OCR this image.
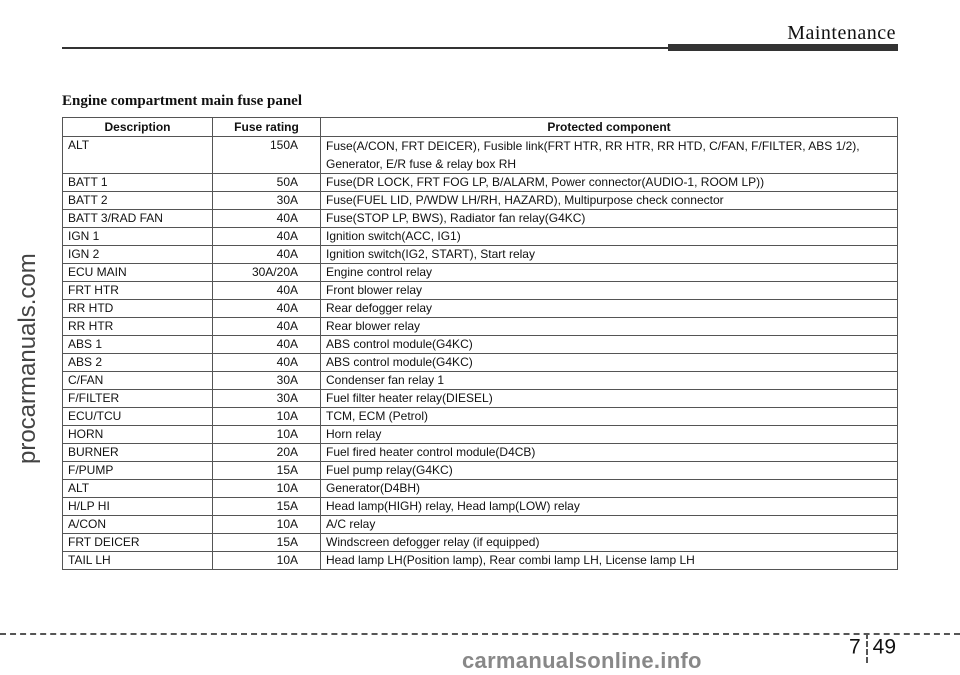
Maintenance
procarmanuals.com
Engine compartment main fuse panel
Description	Fuse rating	Protected component
ALT	150A	Fuse(A/CON, FRT DEICER), Fusible link(FRT HTR, RR HTR, RR HTD, C/FAN, F/FILTER, ABS 1/2),
Generator, E/R fuse & relay box RH

BATT 1	50A	Fuse(DR LOCK, FRT FOG LP, B/ALARM, Power connector(AUDIO-1, ROOM LP))

BATT 2	30A	Fuse(FUEL LID, P/WDW LH/RH, HAZARD), Multipurpose check connector

BATT 3/RAD FAN	40A	Fuse(STOP LP, BWS), Radiator fan relay(G4KC)

IGN 1	40A	Ignition switch(ACC, IG1)

IGN 2	40A	Ignition switch(IG2, START), Start relay

ECU MAIN	30A/20A	Engine control relay

FRT HTR	40A	Front blower relay

RR HTD	40A	Rear defogger relay

RR HTR	40A	Rear blower relay

ABS 1	40A	ABS control module(G4KC)

ABS 2	40A	ABS control module(G4KC)

C/FAN	30A	Condenser fan relay 1

F/FILTER	30A	Fuel filter heater relay(DIESEL)

ECU/TCU	10A	TCM, ECM (Petrol)

HORN	10A	Horn relay

BURNER	20A	Fuel fired heater control module(D4CB)

F/PUMP	15A	Fuel pump relay(G4KC)

ALT	10A	Generator(D4BH)

H/LP HI	15A	Head lamp(HIGH) relay, Head lamp(LOW) relay

A/CON	10A	A/C relay

FRT DEICER	15A	Windscreen defogger relay (if equipped)

TAIL LH	10A	Head lamp LH(Position lamp), Rear combi lamp LH, License lamp LH
7 49
carmanualsonline.info
